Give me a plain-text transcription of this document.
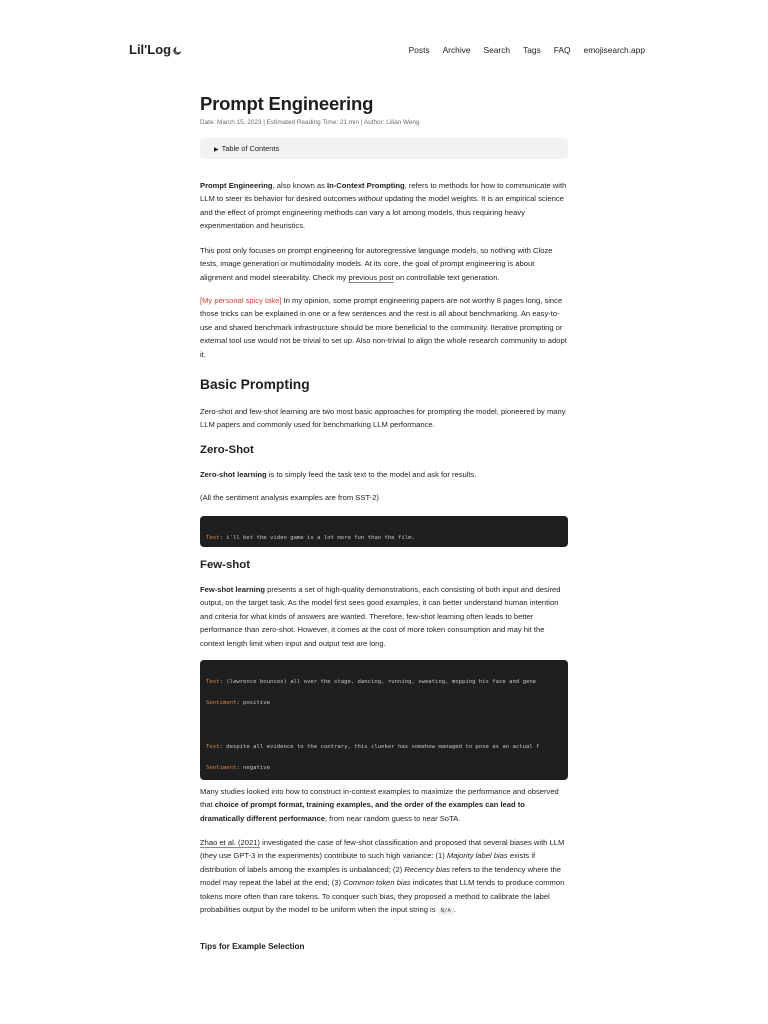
Lil'Log	Posts Archive Search Tags FAQ emojisearch.app
Prompt Engineering
Date: March 15, 2023 | Estimated Reading Time: 21 min | Author: Lilian Weng
▶ Table of Contents

Prompt Engineering, also known as In-Context Prompting, refers to methods for how to communicate with LLM to steer its behavior for desired outcomes without updating the model weights. It is an empirical science and the effect of prompt engineering methods can vary a lot among models, thus requiring heavy experimentation and heuristics.

This post only focuses on prompt engineering for autoregressive language models, so nothing with Cloze tests, image generation or multimodality models. At its core, the goal of prompt engineering is about alignment and model steerability. Check my previous post on controllable text generation.

[My personal spicy take] In my opinion, some prompt engineering papers are not worthy 8 pages long, since those tricks can be explained in one or a few sentences and the rest is all about benchmarking. An easy-to-use and shared benchmark infrastructure should be more beneficial to the community. Iterative prompting or external tool use would not be trivial to set up. Also non-trivial to align the whole research community to adopt it.

Basic Prompting

Zero-shot and few-shot learning are two most basic approaches for prompting the model, pioneered by many LLM papers and commonly used for benchmarking LLM performance.

Zero-Shot

Zero-shot learning is to simply feed the task text to the model and ask for results.

(All the sentiment analysis examples are from SST-2)

Text: i'll bet the video game is a lot more fun than the film.

Few-shot

Few-shot learning presents a set of high-quality demonstrations, each consisting of both input and desired output, on the target task. As the model first sees good examples, it can better understand human intention and criteria for what kinds of answers are wanted. Therefore, few-shot learning often leads to better performance than zero-shot. However, it comes at the cost of more token consumption and may hit the context length limit when input and output text are long.

Text: (lawrence bounces) all over the stage, dancing, running, sweating, mopping his face and gene

Sentiment: positive

Text: despite all evidence to the contrary, this clunker has somehow managed to pose as an actual f

Sentiment: negative

Many studies looked into how to construct in-context examples to maximize the performance and observed that choice of prompt format, training examples, and the order of the examples can lead to dramatically different performance, from near random guess to near SoTA.

Zhao et al. (2021) investigated the case of few-shot classification and proposed that several biases with LLM (they use GPT-3 in the experiments) contribute to such high variance: (1) Majority label bias exists if distribution of labels among the examples is unbalanced; (2) Recency bias refers to the tendency where the model may repeat the label at the end; (3) Common token bias indicates that LLM tends to produce common tokens more often than rare tokens. To conquer such bias, they proposed a method to calibrate the label probabilities output by the model to be uniform when the input string is N/A .

Tips for Example Selection
